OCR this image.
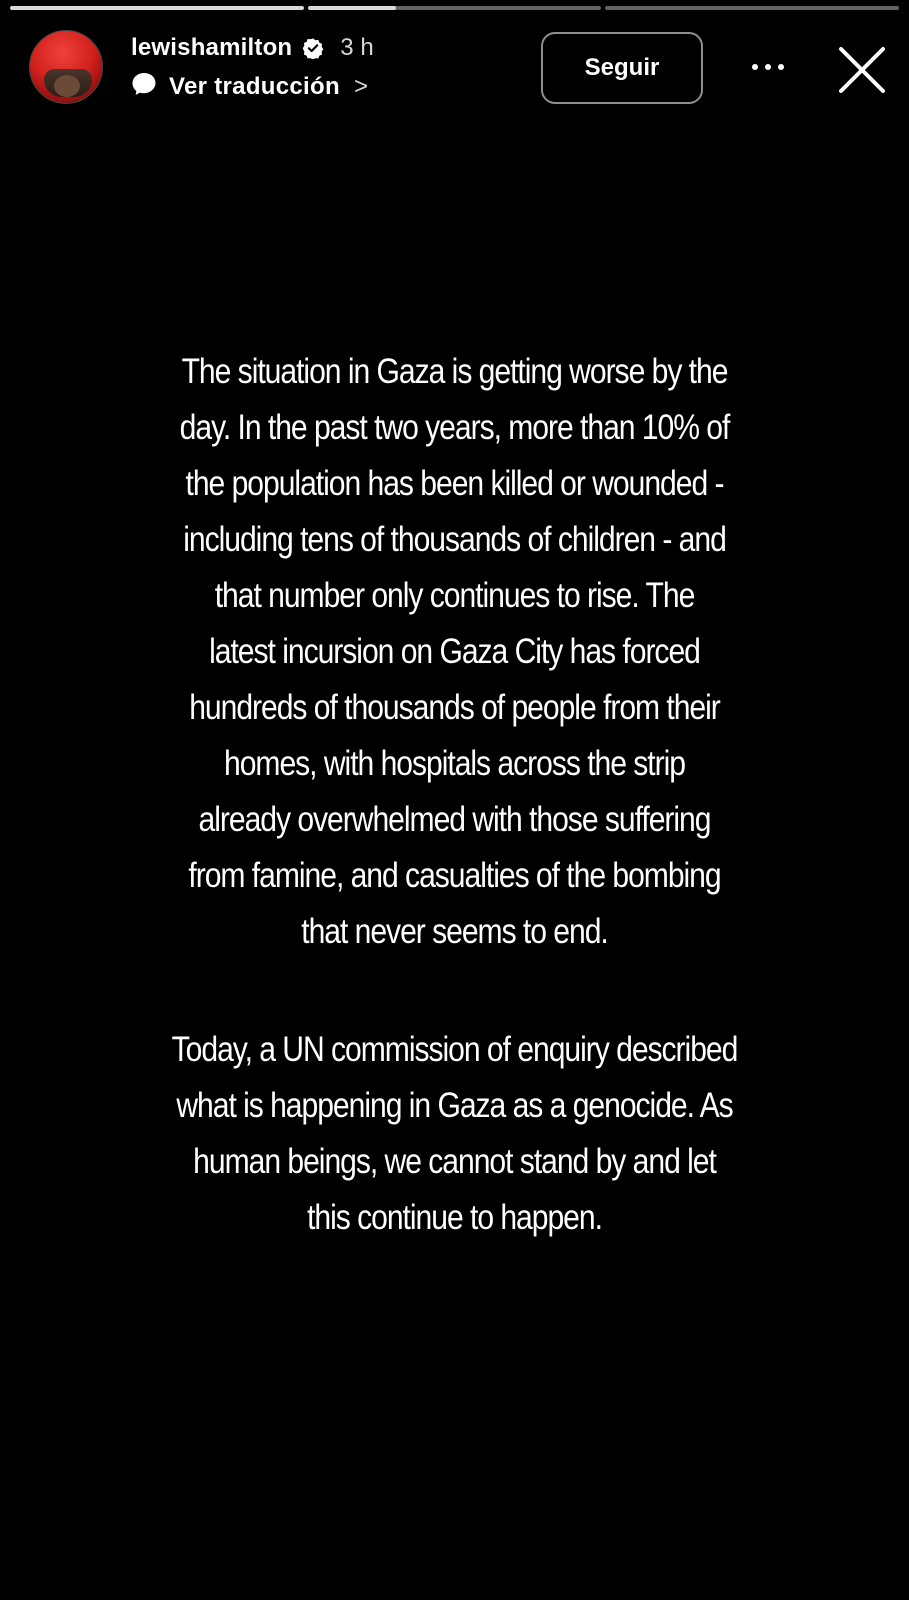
lewishamilton 3 h
Ver traducción >
Seguir
The situation in Gaza is getting worse by the
day. In the past two years, more than 10% of
the population has been killed or wounded -
including tens of thousands of children - and
that number only continues to rise. The
latest incursion on Gaza City has forced
hundreds of thousands of people from their
homes, with hospitals across the strip
already overwhelmed with those suffering
from famine, and casualties of the bombing
that never seems to end.
Today, a UN commission of enquiry described
what is happening in Gaza as a genocide. As
human beings, we cannot stand by and let
this continue to happen.
